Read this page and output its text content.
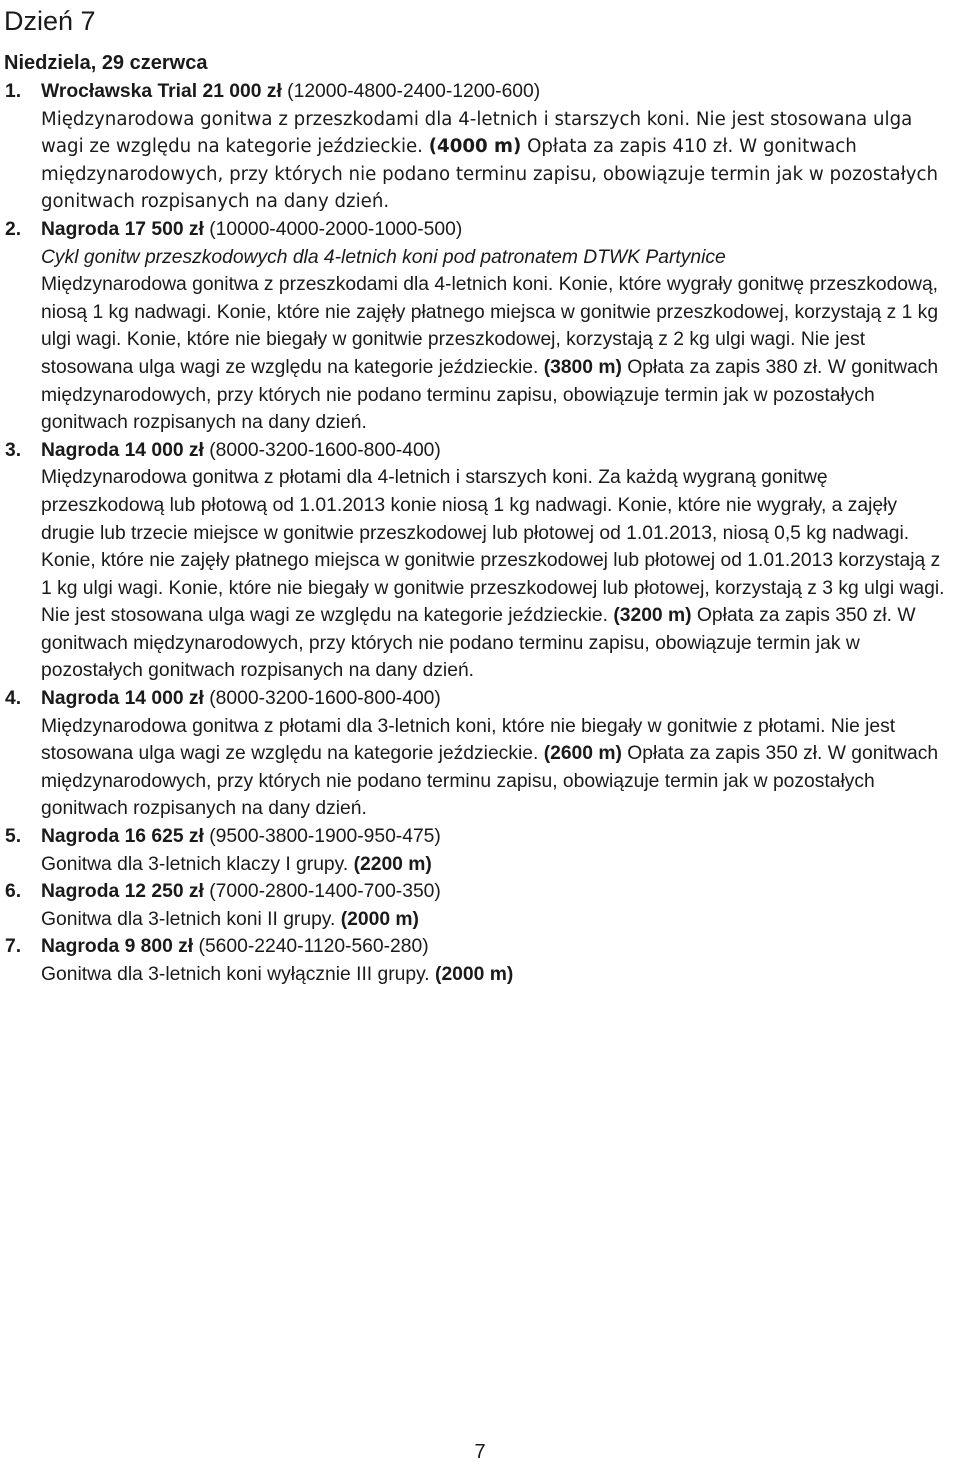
Dzień 7
Niedziela, 29 czerwca
1. Wrocławska Trial 21 000 zł (12000-4800-2400-1200-600)

Międzynarodowa gonitwa z przeszkodami dla 4-letnich i starszych koni. Nie jest stosowana ulga wagi ze względu na kategorie jeździeckie. (4000 m) Opłata za zapis 410 zł. W gonitwach międzynarodowych, przy których nie podano terminu zapisu, obowiązuje termin jak w pozostałych gonitwach rozpisanych na dany dzień.

2. Nagroda 17 500 zł (10000-4000-2000-1000-500)

Cykl gonitw przeszkodowych dla 4-letnich koni pod patronatem DTWK Partynice

Międzynarodowa gonitwa z przeszkodami dla 4-letnich koni. Konie, które wygrały gonitwę przeszkodową, niosą 1 kg nadwagi. Konie, które nie zajęły płatnego miejsca w gonitwie przeszkodowej, korzystają z 1 kg ulgi wagi. Konie, które nie biegały w gonitwie przeszkodowej, korzystają z 2 kg ulgi wagi. Nie jest stosowana ulga wagi ze względu na kategorie jeździeckie. (3800 m) Opłata za zapis 380 zł. W gonitwach międzynarodowych, przy których nie podano terminu zapisu, obowiązuje termin jak w pozostałych gonitwach rozpisanych na dany dzień.

3. Nagroda 14 000 zł (8000-3200-1600-800-400)

Międzynarodowa gonitwa z płotami dla 4-letnich i starszych koni. Za każdą wygraną gonitwę przeszkodową lub płotową od 1.01.2013 konie niosą 1 kg nadwagi. Konie, które nie wygrały, a zajęły drugie lub trzecie miejsce w gonitwie przeszkodowej lub płotowej od 1.01.2013, niosą 0,5 kg nadwagi. Konie, które nie zajęły płatnego miejsca w gonitwie przeszkodowej lub płotowej od 1.01.2013 korzystają z 1 kg ulgi wagi. Konie, które nie biegały w gonitwie przeszkodowej lub płotowej, korzystają z 3 kg ulgi wagi. Nie jest stosowana ulga wagi ze względu na kategorie jeździeckie. (3200 m) Opłata za zapis 350 zł. W gonitwach międzynarodowych, przy których nie podano terminu zapisu, obowiązuje termin jak w pozostałych gonitwach rozpisanych na dany dzień.

4. Nagroda 14 000 zł (8000-3200-1600-800-400)

Międzynarodowa gonitwa z płotami dla 3-letnich koni, które nie biegały w gonitwie z płotami. Nie jest stosowana ulga wagi ze względu na kategorie jeździeckie. (2600 m) Opłata za zapis 350 zł. W gonitwach międzynarodowych, przy których nie podano terminu zapisu, obowiązuje termin jak w pozostałych gonitwach rozpisanych na dany dzień.

5. Nagroda 16 625 zł (9500-3800-1900-950-475)

Gonitwa dla 3-letnich klaczy I grupy. (2200 m)

6. Nagroda 12 250 zł (7000-2800-1400-700-350)

Gonitwa dla 3-letnich koni II grupy. (2000 m)

7. Nagroda 9 800 zł (5600-2240-1120-560-280)

Gonitwa dla 3-letnich koni wyłącznie III grupy. (2000 m)

7
